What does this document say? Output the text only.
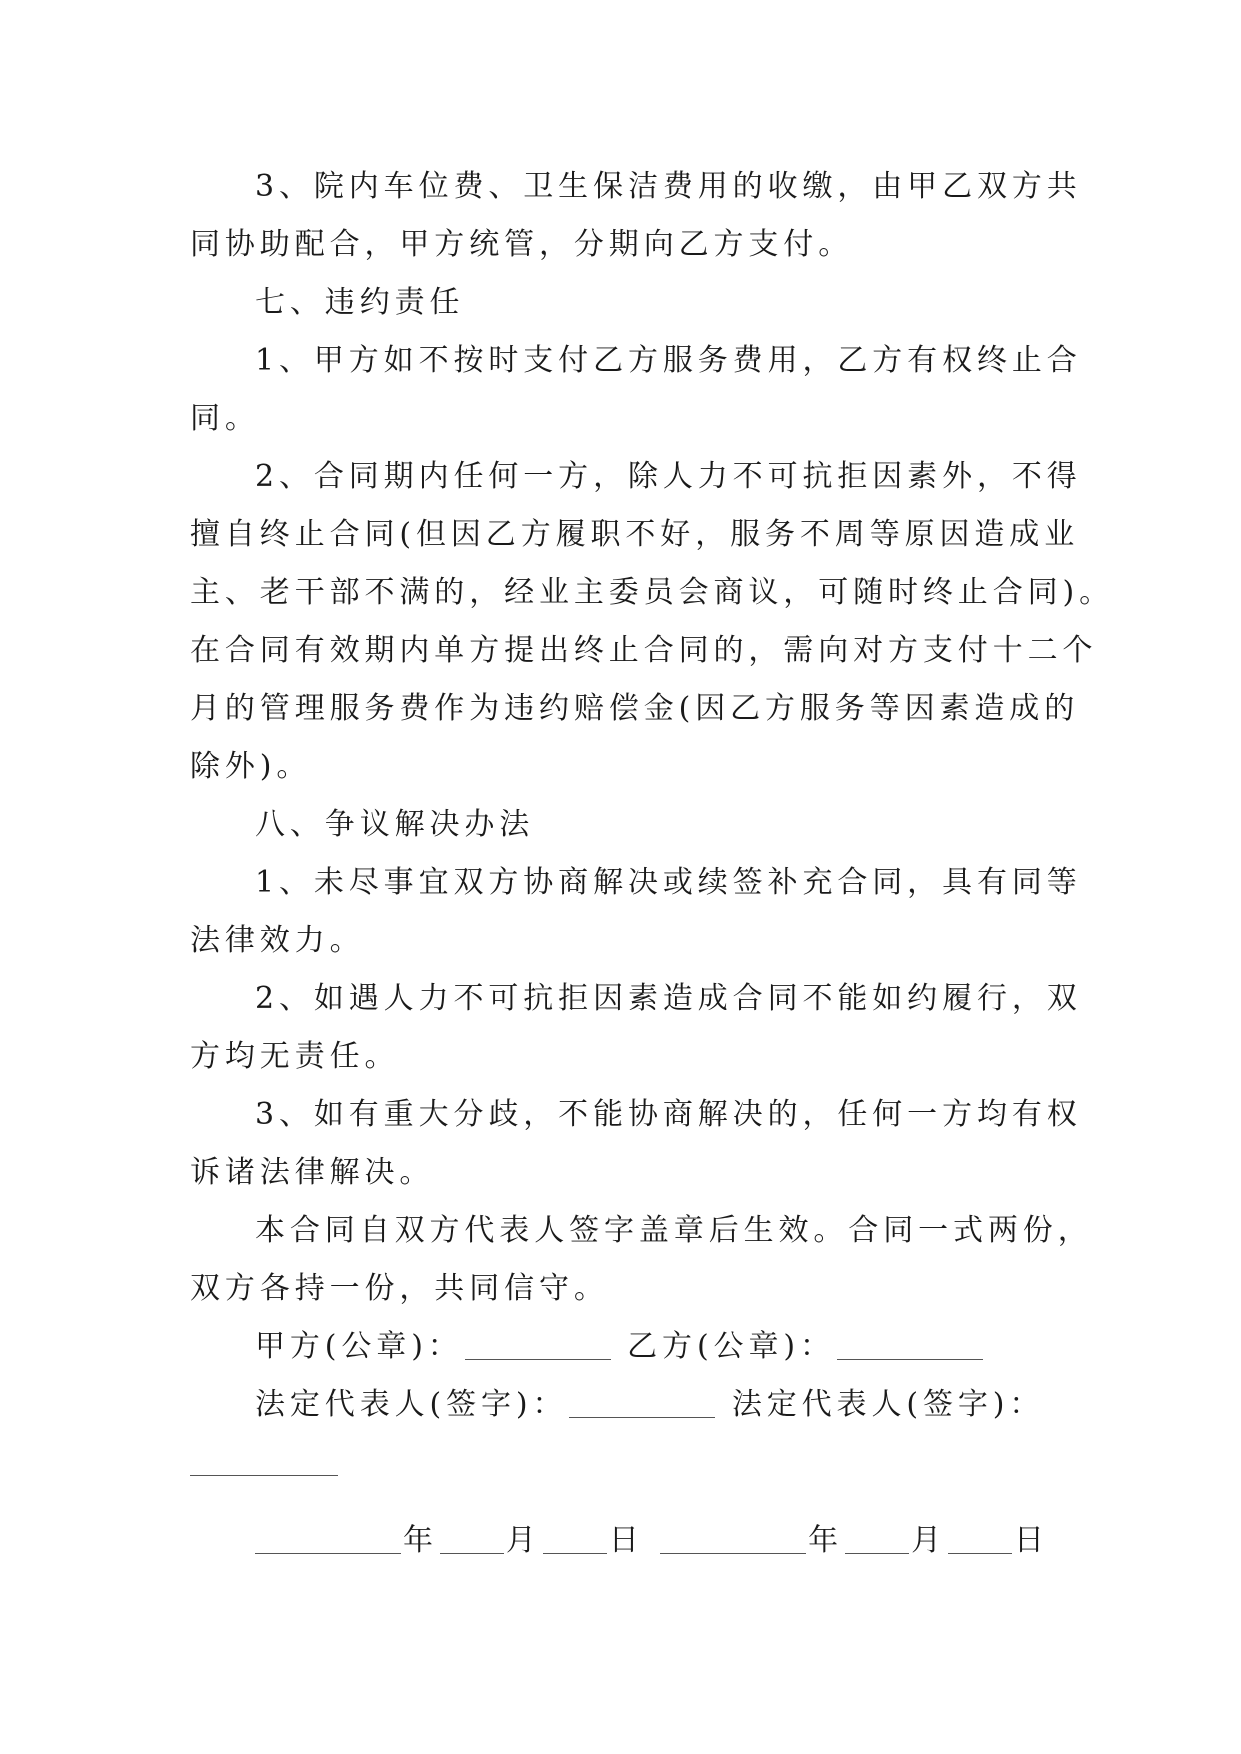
3、院内车位费、卫生保洁费用的收缴，由甲乙双方共
同协助配合，甲方统管，分期向乙方支付。
七、违约责任
1、甲方如不按时支付乙方服务费用，乙方有权终止合
同。
2、合同期内任何一方，除人力不可抗拒因素外，不得
擅自终止合同(但因乙方履职不好，服务不周等原因造成业
主、老干部不满的，经业主委员会商议，可随时终止合同)。
在合同有效期内单方提出终止合同的，需向对方支付十二个
月的管理服务费作为违约赔偿金(因乙方服务等因素造成的
除外)。
八、争议解决办法
1、未尽事宜双方协商解决或续签补充合同，具有同等
法律效力。
2、如遇人力不可抗拒因素造成合同不能如约履行，双
方均无责任。
3、如有重大分歧，不能协商解决的，任何一方均有权
诉诸法律解决。
本合同自双方代表人签字盖章后生效。合同一式两份，
双方各持一份，共同信守。
甲方(公章)：	乙方(公章)：
法定代表人(签字)：	法定代表人(签字)：
年 月 日	年 月 日
